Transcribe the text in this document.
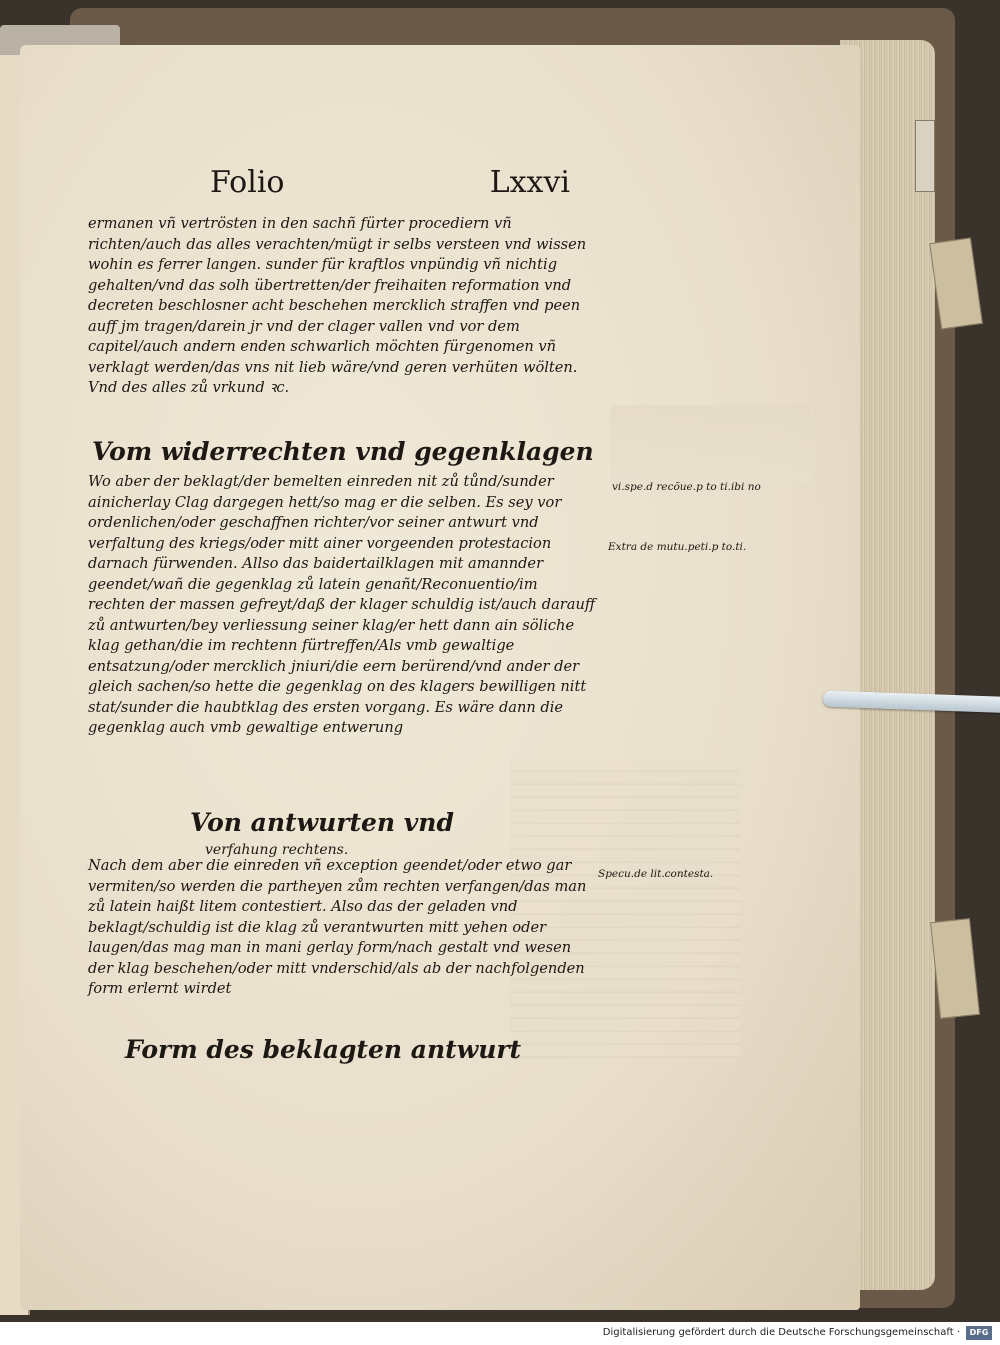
Folio	Lxxvi
ermanen vñ vertrösten in den sachñ fürter procediern vñ richten/auch das alles verachten/mügt ir selbs versteen vnd wissen wohin es ferrer langen. sunder für kraftlos vnpündig vñ nichtig gehalten/vnd das solh übertretten/der freihaiten reformation vnd decreten beschlosner acht beschehen mercklich straffen vnd peen auff jm tragen/darein jr vnd der clager vallen vnd vor dem capitel/auch andern enden schwarlich möchten fürgenomen vñ verklagt werden/das vns nit lieb wäre/vnd geren verhüten wölten. Vnd des alles zů vrkund ꝛc.
Vom widerrechten vnd gegenklagen
Wo aber der beklagt/der bemelten einreden nit zů tůnd/sunder ainicherlay Clag dargegen hett/so mag er die selben. Es sey vor ordenlichen/oder geschaffnen richter/vor seiner antwurt vnd verfaltung des kriegs/oder mitt ainer vorgeenden protestacion darnach fürwenden. Allso das baidertailklagen mit amannder geendet/wañ die gegenklag zů latein genañt/Reconuentio/im rechten der massen gefreyt/daß der klager schuldig ist/auch darauff zů antwurten/bey verliessung seiner klag/er hett dann ain söliche klag gethan/die im rechtenn fürtreffen/Als vmb gewaltige entsatzung/oder mercklich jniuri/die eern berürend/vnd ander der gleich sachen/so hette die gegenklag on des klagers bewilligen nitt stat/sunder die haubtklag des ersten vorgang. Es wäre dann die gegenklag auch vmb gewaltige entwerung
Von antwurten vnd
verfahung rechtens.
Nach dem aber die einreden vñ exception geendet/oder etwo gar vermiten/so werden die partheyen zům rechten verfangen/das man zů latein haißt litem contestiert. Also das der geladen vnd beklagt/schuldig ist die klag zů verantwurten mitt yehen oder laugen/das mag man in mani gerlay form/nach gestalt vnd wesen der klag beschehen/oder mitt vnderschid/als ab der nachfolgenden form erlernt wirdet
Form des beklagten antwurt
vi.spe.d recõue.p to ti.ibi no
Extra de mutu.peti.p to.ti.
Specu.de lit.contesta.
Digitalisierung gefördert durch die Deutsche Forschungsgemeinschaft ·	DFG
